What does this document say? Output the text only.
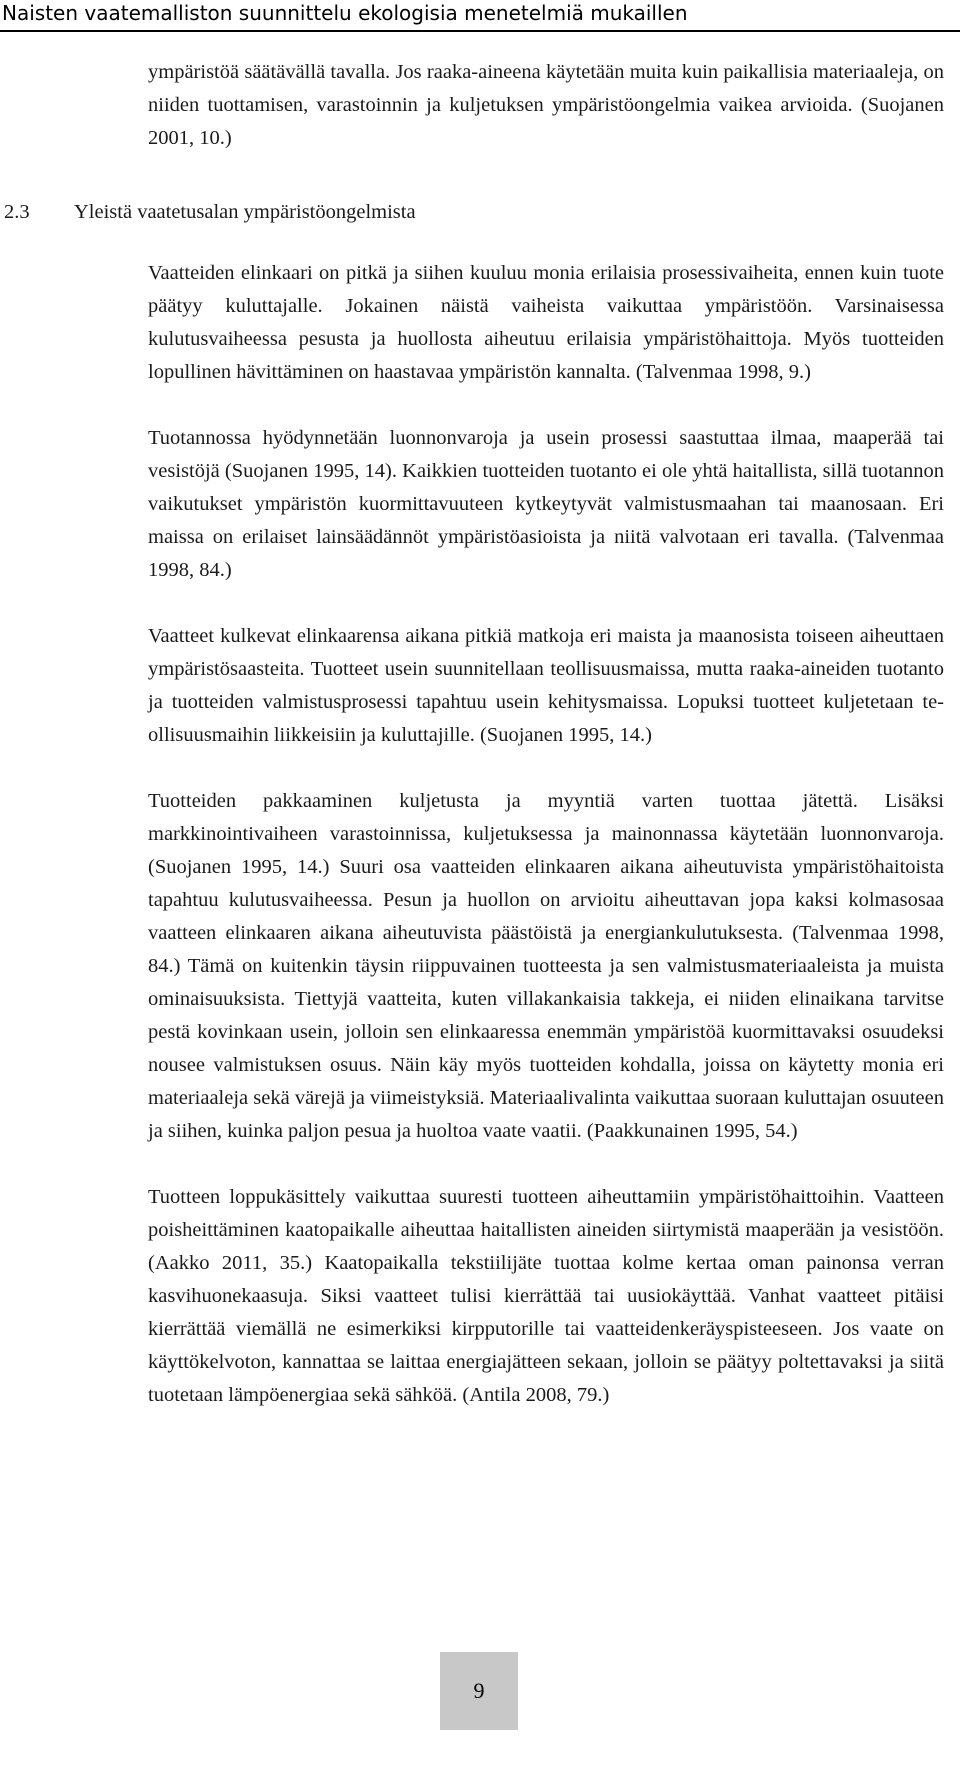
Naisten vaatemalliston suunnittelu ekologisia menetelmiä mukaillen

ympäristöä säätävällä tavalla. Jos raaka-aineena käytetään muita kuin paikallisia materiaaleja, on niiden tuottamisen, varastoinnin ja kuljetuksen ympäristöongelmia vaikea arvioida. (Suojanen 2001, 10.)

2.3 Yleistä vaatetusalan ympäristöongelmista

Vaatteiden elinkaari on pitkä ja siihen kuuluu monia erilaisia prosessivaiheita, ennen kuin tuote päätyy kuluttajalle. Jokainen näistä vaiheista vaikuttaa ympäristöön. Varsinaisessa kulutusvaiheessa pesusta ja huollosta aiheutuu erilaisia ympäristöhaittoja. Myös tuotteiden lopullinen hävittäminen on haastavaa ympäristön kannalta. (Talvenmaa 1998, 9.)

Tuotannossa hyödynnetään luonnonvaroja ja usein prosessi saastuttaa ilmaa, maaperää tai vesistöjä (Suojanen 1995, 14). Kaikkien tuotteiden tuotanto ei ole yhtä haitallista, sillä tuotannon vaikutukset ympäristön kuormittavuuteen kytkeytyvät valmistusmaahan tai maanosaan. Eri maissa on erilaiset lainsäädännöt ympäristöasioista ja niitä valvotaan eri tavalla. (Talvenmaa 1998, 84.)

Vaatteet kulkevat elinkaarensa aikana pitkiä matkoja eri maista ja maanosista toiseen aiheuttaen ympäristösaasteita. Tuotteet usein suunnitellaan teollisuusmaissa, mutta raaka-aineiden tuotanto ja tuotteiden valmistusprosessi tapahtuu usein kehitysmaissa. Lopuksi tuotteet kuljetetaan teollisuusmaihin liikkeisiin ja kuluttajille. (Suojanen 1995, 14.)

Tuotteiden pakkaaminen kuljetusta ja myyntiä varten tuottaa jätettä. Lisäksi markkinointivaiheen varastoinnissa, kuljetuksessa ja mainonnassa käytetään luonnonvaroja. (Suojanen 1995, 14.) Suuri osa vaatteiden elinkaaren aikana aiheutuvista ympäristöhaitoista tapahtuu kulutusvaiheessa. Pesun ja huollon on arvioitu aiheuttavan jopa kaksi kolmasosaa vaatteen elinkaaren aikana aiheutuvista päästöistä ja energiankulutuksesta. (Talvenmaa 1998, 84.) Tämä on kuitenkin täysin riippuvainen tuotteesta ja sen valmistusmateriaaleista ja muista ominaisuuksista. Tiettyjä vaatteita, kuten villakankaisia takkeja, ei niiden elinaikana tarvitse pestä kovinkaan usein, jolloin sen elinkaaressa enemmän ympäristöä kuormittavaksi osuudeksi nousee valmistuksen osuus. Näin käy myös tuotteiden kohdalla, joissa on käytetty monia eri materiaaleja sekä värejä ja viimeistyksiä. Materiaalivalinta vaikuttaa suoraan kuluttajan osuuteen ja siihen, kuinka paljon pesua ja huoltoa vaate vaatii. (Paakkunainen 1995, 54.)

Tuotteen loppukäsittely vaikuttaa suuresti tuotteen aiheuttamiin ympäristöhaittoihin. Vaatteen poisheittäminen kaatopaikalle aiheuttaa haitallisten aineiden siirtymistä maaperään ja vesistöön. (Aakko 2011, 35.) Kaatopaikalla tekstiilijäte tuottaa kolme kertaa oman painonsa verran kasvihuonekaasuja. Siksi vaatteet tulisi kierrättää tai uusiokäyttää. Vanhat vaatteet pitäisi kierrättää viemällä ne esimerkiksi kirpputorille tai vaatteidenkeräyspisteeseen. Jos vaate on käyttökelvoton, kannattaa se laittaa energiajätteen sekaan, jolloin se päätyy poltettavaksi ja siitä tuotetaan lämpöenergiaa sekä sähköä. (Antila 2008, 79.)

9
